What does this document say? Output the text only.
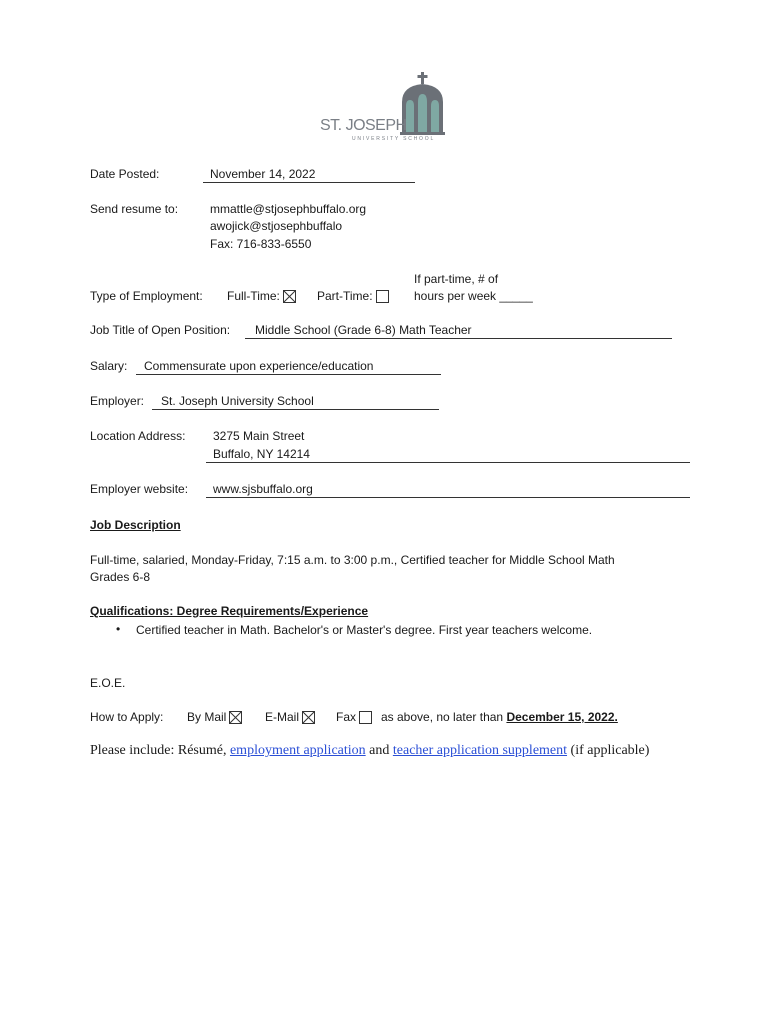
ST. JOSEPH
UNIVERSITY SCHOOL
Date Posted:	November 14, 2022
Send resume to:	mmattle@stjosephbuffalo.org
awojick@stjosephbuffalo
Fax: 716-833-6550
If part-time, # of
Type of Employment: Full-Time:	Part-Time:	hours per week _____
Job Title of Open Position:	Middle School (Grade 6-8) Math Teacher
Salary:	Commensurate upon experience/education
Employer:	St. Joseph University School
Location Address: 3275 Main Street
Buffalo, NY 14214
Employer website:	www.sjsbuffalo.org
Job Description
Full-time, salaried, Monday-Friday, 7:15 a.m. to 3:00 p.m., Certified teacher for Middle School Math
Grades 6-8
Qualifications: Degree Requirements/Experience
• Certified teacher in Math. Bachelor's or Master's degree. First year teachers welcome.
E.O.E.
How to Apply: By Mail	E-Mail	Fax	as above, no later than December 15, 2022.
Please include: Résumé, employment application and teacher application supplement (if applicable)
